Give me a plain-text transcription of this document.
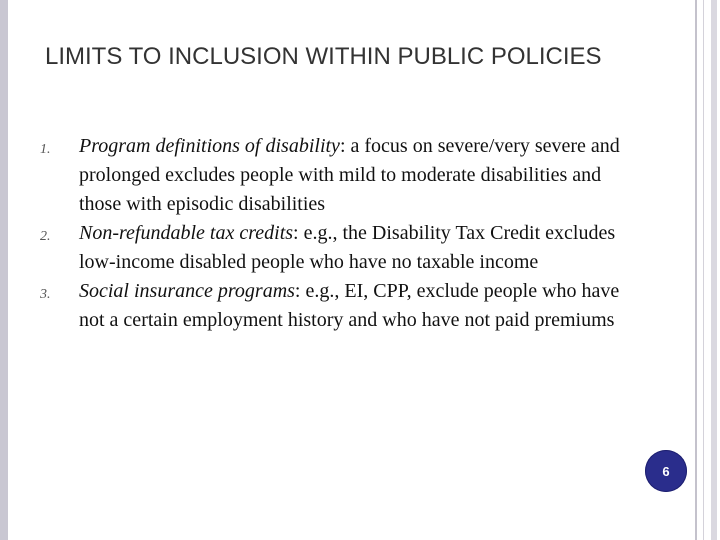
LIMITS TO INCLUSION WITHIN PUBLIC POLICIES
1.	Program definitions of disability: a focus on severe/very severe and prolonged excludes people with mild to moderate disabilities and those with episodic disabilities
2.	Non-refundable tax credits: e.g., the Disability Tax Credit excludes low-income disabled people who have no taxable income
3.	Social insurance programs: e.g., EI, CPP, exclude people who have not a certain employment history and who have not paid premiums
6
